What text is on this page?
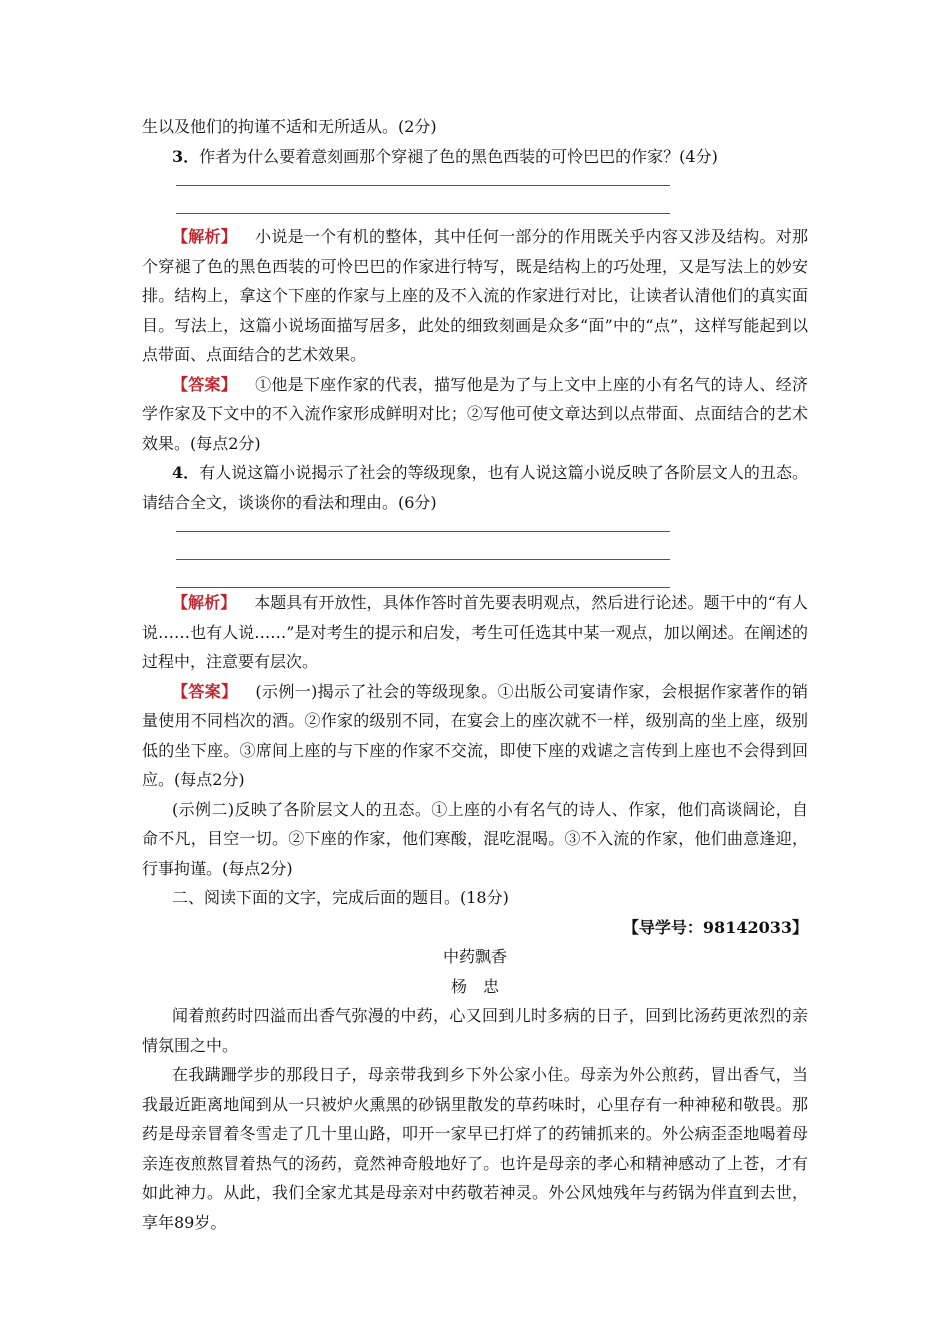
生以及他们的拘谨不适和无所适从。(2分)

3．作者为什么要着意刻画那个穿褪了色的黑色西装的可怜巴巴的作家？(4分)

【解析】 小说是一个有机的整体，其中任何一部分的作用既关乎内容又涉及结构。对那个穿褪了色的黑色西装的可怜巴巴的作家进行特写，既是结构上的巧处理，又是写法上的妙安排。结构上，拿这个下座的作家与上座的及不入流的作家进行对比，让读者认清他们的真实面目。写法上，这篇小说场面描写居多，此处的细致刻画是众多“面”中的“点”，这样写能起到以点带面、点面结合的艺术效果。

【答案】 ①他是下座作家的代表，描写他是为了与上文中上座的小有名气的诗人、经济学作家及下文中的不入流作家形成鲜明对比；②写他可使文章达到以点带面、点面结合的艺术效果。(每点2分)

4．有人说这篇小说揭示了社会的等级现象，也有人说这篇小说反映了各阶层文人的丑态。请结合全文，谈谈你的看法和理由。(6分)

【解析】 本题具有开放性，具体作答时首先要表明观点，然后进行论述。题干中的“有人说……也有人说……”是对考生的提示和启发，考生可任选其中某一观点，加以阐述。在阐述的过程中，注意要有层次。

【答案】 (示例一)揭示了社会的等级现象。①出版公司宴请作家，会根据作家著作的销量使用不同档次的酒。②作家的级别不同，在宴会上的座次就不一样，级别高的坐上座，级别低的坐下座。③席间上座的与下座的作家不交流，即使下座的戏谑之言传到上座也不会得到回应。(每点2分)

(示例二)反映了各阶层文人的丑态。①上座的小有名气的诗人、作家，他们高谈阔论，自命不凡，目空一切。②下座的作家，他们寒酸，混吃混喝。③不入流的作家，他们曲意逢迎，行事拘谨。(每点2分)

二、阅读下面的文字，完成后面的题目。(18分)

【导学号：98142033】

中药飘香

杨　忠

闻着煎药时四溢而出香气弥漫的中药，心又回到儿时多病的日子，回到比汤药更浓烈的亲情氛围之中。

在我蹒跚学步的那段日子，母亲带我到乡下外公家小住。母亲为外公煎药，冒出香气，当我最近距离地闻到从一只被炉火熏黑的砂锅里散发的草药味时，心里存有一种神秘和敬畏。那药是母亲冒着冬雪走了几十里山路，叩开一家早已打烊了的药铺抓来的。外公病歪歪地喝着母亲连夜煎熬冒着热气的汤药，竟然神奇般地好了。也许是母亲的孝心和精神感动了上苍，才有如此神力。从此，我们全家尤其是母亲对中药敬若神灵。外公风烛残年与药锅为伴直到去世，享年89岁。
